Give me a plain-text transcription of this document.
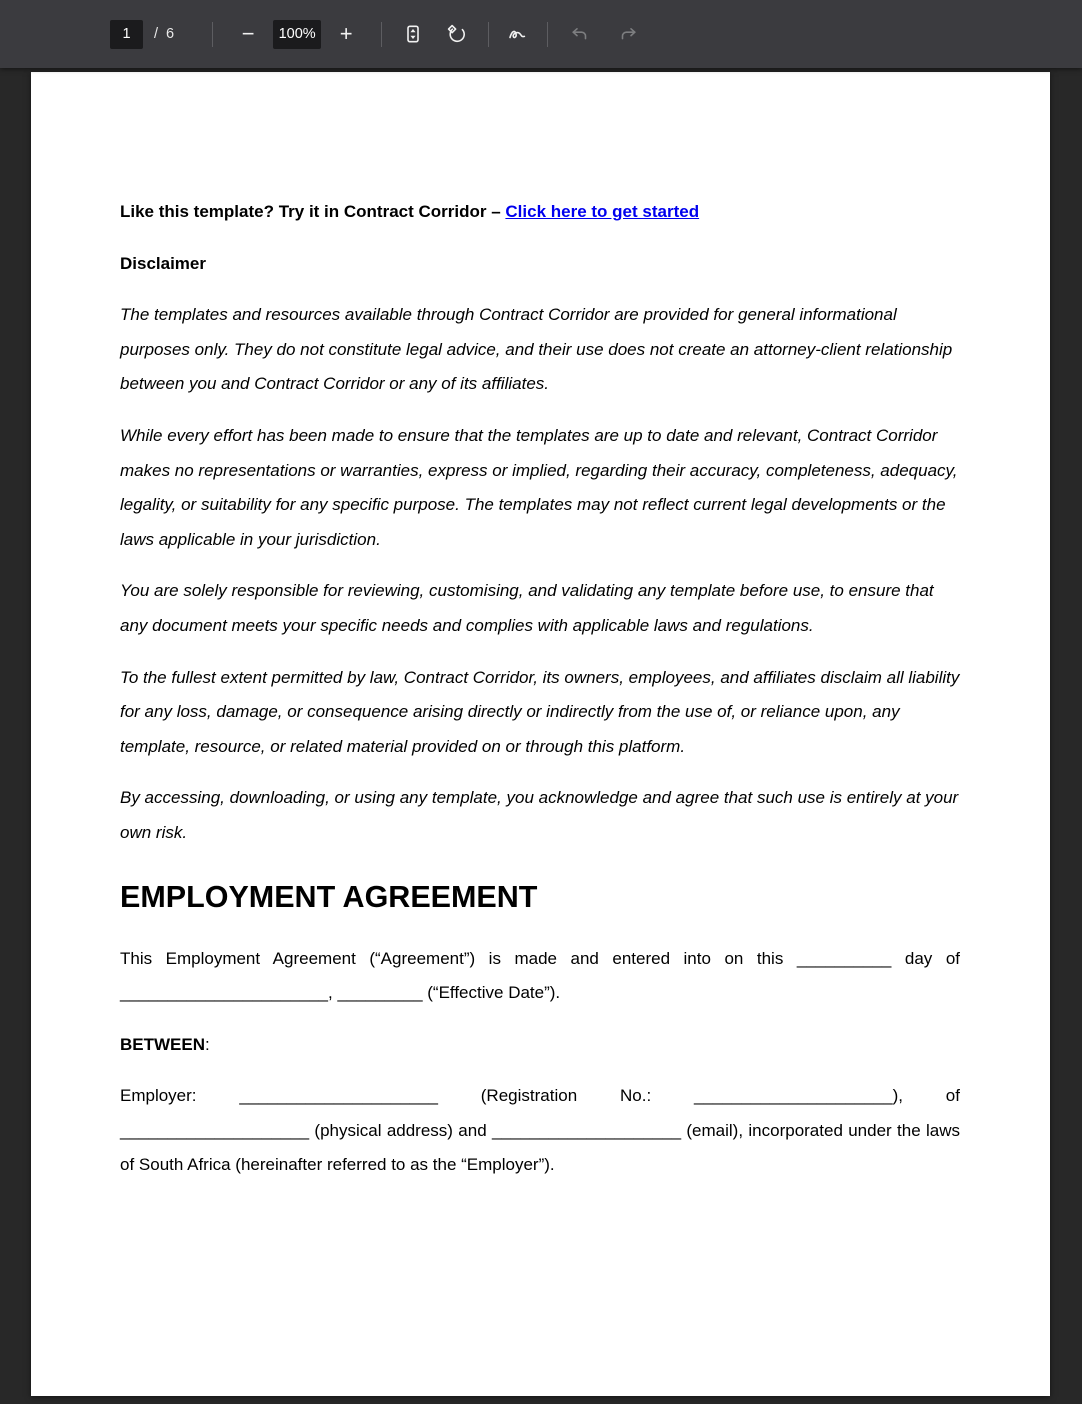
1
/ 6	−
100%	+

Like this template? Try it in Contract Corridor – Click here to get started

Disclaimer

The templates and resources available through Contract Corridor are provided for general informational purposes only. They do not constitute legal advice, and their use does not create an attorney-client relationship between you and Contract Corridor or any of its affiliates.

While every effort has been made to ensure that the templates are up to date and relevant, Contract Corridor makes no representations or warranties, express or implied, regarding their accuracy, completeness, adequacy, legality, or suitability for any specific purpose. The templates may not reflect current legal developments or the laws applicable in your jurisdiction.

You are solely responsible for reviewing, customising, and validating any template before use, to ensure that any document meets your specific needs and complies with applicable laws and regulations.

To the fullest extent permitted by law, Contract Corridor, its owners, employees, and affiliates disclaim all liability for any loss, damage, or consequence arising directly or indirectly from the use of, or reliance upon, any template, resource, or related material provided on or through this platform.

By accessing, downloading, or using any template, you acknowledge and agree that such use is entirely at your own risk.

EMPLOYMENT AGREEMENT

This Employment Agreement (“Agreement”) is made and entered into on this __________ day of ______________________, _________ (“Effective Date”).

BETWEEN:

Employer: _____________________ (Registration No.: _____________________), of ____________________ (physical address) and ____________________ (email), incorporated under the laws of South Africa (hereinafter referred to as the “Employer”).
